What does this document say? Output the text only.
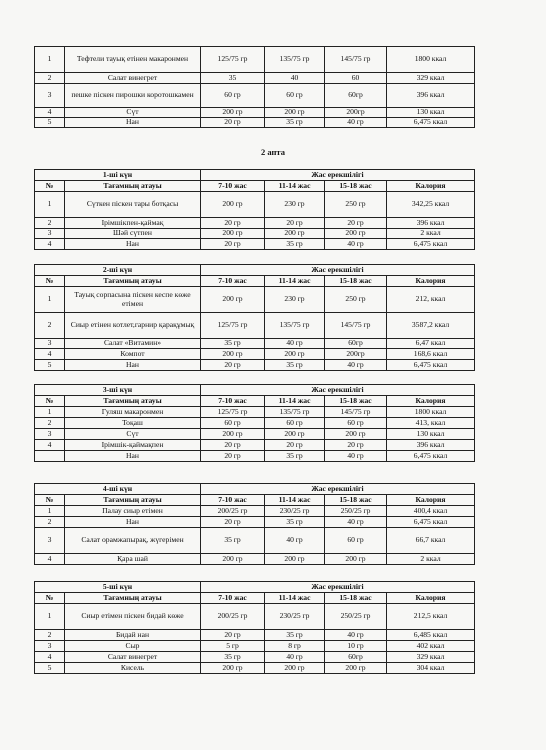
1	Тефтели тауық етінен макаронмен	125/75 гр	135/75 гр	145/75 гр	1800 ккал
2	Салат винегрет	35	40	60	329 ккал
3	пешке піскен пирошки коротошкамен	60 гр	60 гр	60гр	396 ккал
4	Сүт	200 гр	200 гр	200гр	130 ккал
5	Нан	20 гр	35 гр	40 гр	6,475 ккал
2 апта
1-ші күн		Жас ерекшілігі			
№	Тағамның атауы	7-10 жас	11-14 жас	15-18 жас	Калория
1	Сүткен піскен тары ботқасы	200 гр	230 гр	250 гр	342,25 ккал
2	Ірімшікпен-қаймақ	20 гр	20 гр	20 гр	396 ккал
3	Шәй сүтпен	200 гр	200 гр	200 гр	2 ккал
4	Нан	20 гр	35 гр	40 гр	6,475 ккал
2-ші күн		Жас ерекшілігі			
№	Тағамның атауы	7-10 жас	11-14 жас	15-18 жас	Калория
1	Тауық сорпасына піскен кеспе көже етімен	200 гр	230 гр	250 гр	212, ккал
2	Сиыр етінен котлет,гарнир қарақұмық	125/75 гр	135/75 гр	145/75 гр	3587,2 ккал
3	Салат «Витамин»	35 гр	40 гр	60гр	6,47 ккал
4	Компот	200 гр	200 гр	200гр	168,6 ккал
5	Нан	20 гр	35 гр	40 гр	6,475 ккал
3-ші күн		Жас ерекшілігі			
№	Тағамның атауы	7-10 жас	11-14 жас	15-18 жас	Калория
1	Гуляш макаронмен	125/75 гр	135/75 гр	145/75 гр	1800 ккал
2	Тоқаш	60 гр	60 гр	60 гр	413, ккал
3	Сүт	200 гр	200 гр	200 гр	130 ккал
4	Ірімшік-қаймақпен	20 гр	20 гр	20 гр	396 ккал
	Нан	20 гр	35 гр	40 гр	6,475 ккал
4-ші күн		Жас ерекшілігі			
№	Тағамның атауы	7-10 жас	11-14 жас	15-18 жас	Калория
1	Палау сиыр етімен	200/25 гр	230/25 гр	250/25 гр	400,4 ккал
2	Нан	20 гр	35 гр	40 гр	6,475 ккал
3	Салат орамжапырақ, жүгерімен	35 гр	40 гр	60 гр	66,7 ккал
4	Қара шай	200 гр	200 гр	200 гр	2 ккал
5-ші күн		Жас ерекшілігі			
№	Тағамның атауы	7-10 жас	11-14 жас	15-18 жас	Калория
1	Сиыр етімен піскен бидай көже	200/25 гр	230/25 гр	250/25 гр	212,5 ккал
2	Бидай нан	20 гр	35 гр	40 гр	6,485 ккал
3	Сыр	5 гр	8 гр	10 гр	402 ккал
4	Салат винегрет	35 гр	40 гр	60гр	329 ккал
5	Кисель	200 гр	200 гр	200 гр	304 ккал
